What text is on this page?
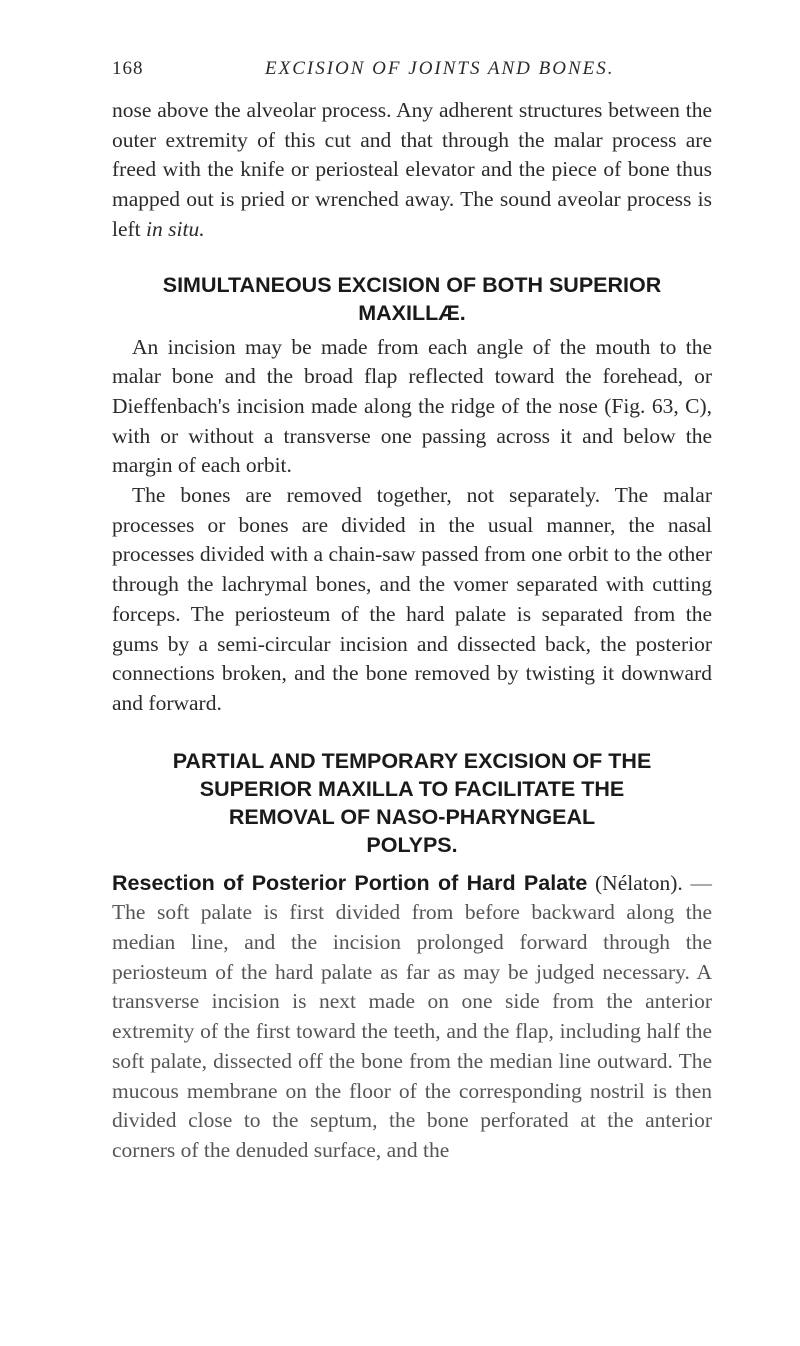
168	EXCISION OF JOINTS AND BONES.

nose above the alveolar process. Any adherent structures between the outer extremity of this cut and that through the malar process are freed with the knife or periosteal elevator and the piece of bone thus mapped out is pried or wrenched away. The sound aveolar process is left in situ.

SIMULTANEOUS EXCISION OF BOTH SUPERIOR
MAXILLÆ.

An incision may be made from each angle of the mouth to the malar bone and the broad flap reflected toward the forehead, or Dieffenbach's incision made along the ridge of the nose (Fig. 63, C), with or without a transverse one passing across it and below the margin of each orbit.

The bones are removed together, not separately. The malar processes or bones are divided in the usual manner, the nasal processes divided with a chain-saw passed from one orbit to the other through the lachrymal bones, and the vomer separated with cutting forceps. The periosteum of the hard palate is separated from the gums by a semi-circular incision and dissected back, the posterior connections broken, and the bone removed by twisting it downward and forward.

PARTIAL AND TEMPORARY EXCISION OF THE
SUPERIOR MAXILLA TO FACILITATE THE
REMOVAL OF NASO-PHARYNGEAL
POLYPS.

Resection of Posterior Portion of Hard Palate (Nélaton). —The soft palate is first divided from before backward along the median line, and the incision prolonged forward through the periosteum of the hard palate as far as may be judged necessary. A transverse incision is next made on one side from the anterior extremity of the first toward the teeth, and the flap, including half the soft palate, dissected off the bone from the median line outward. The mucous membrane on the floor of the corresponding nostril is then divided close to the septum, the bone perforated at the anterior corners of the denuded surface, and the
